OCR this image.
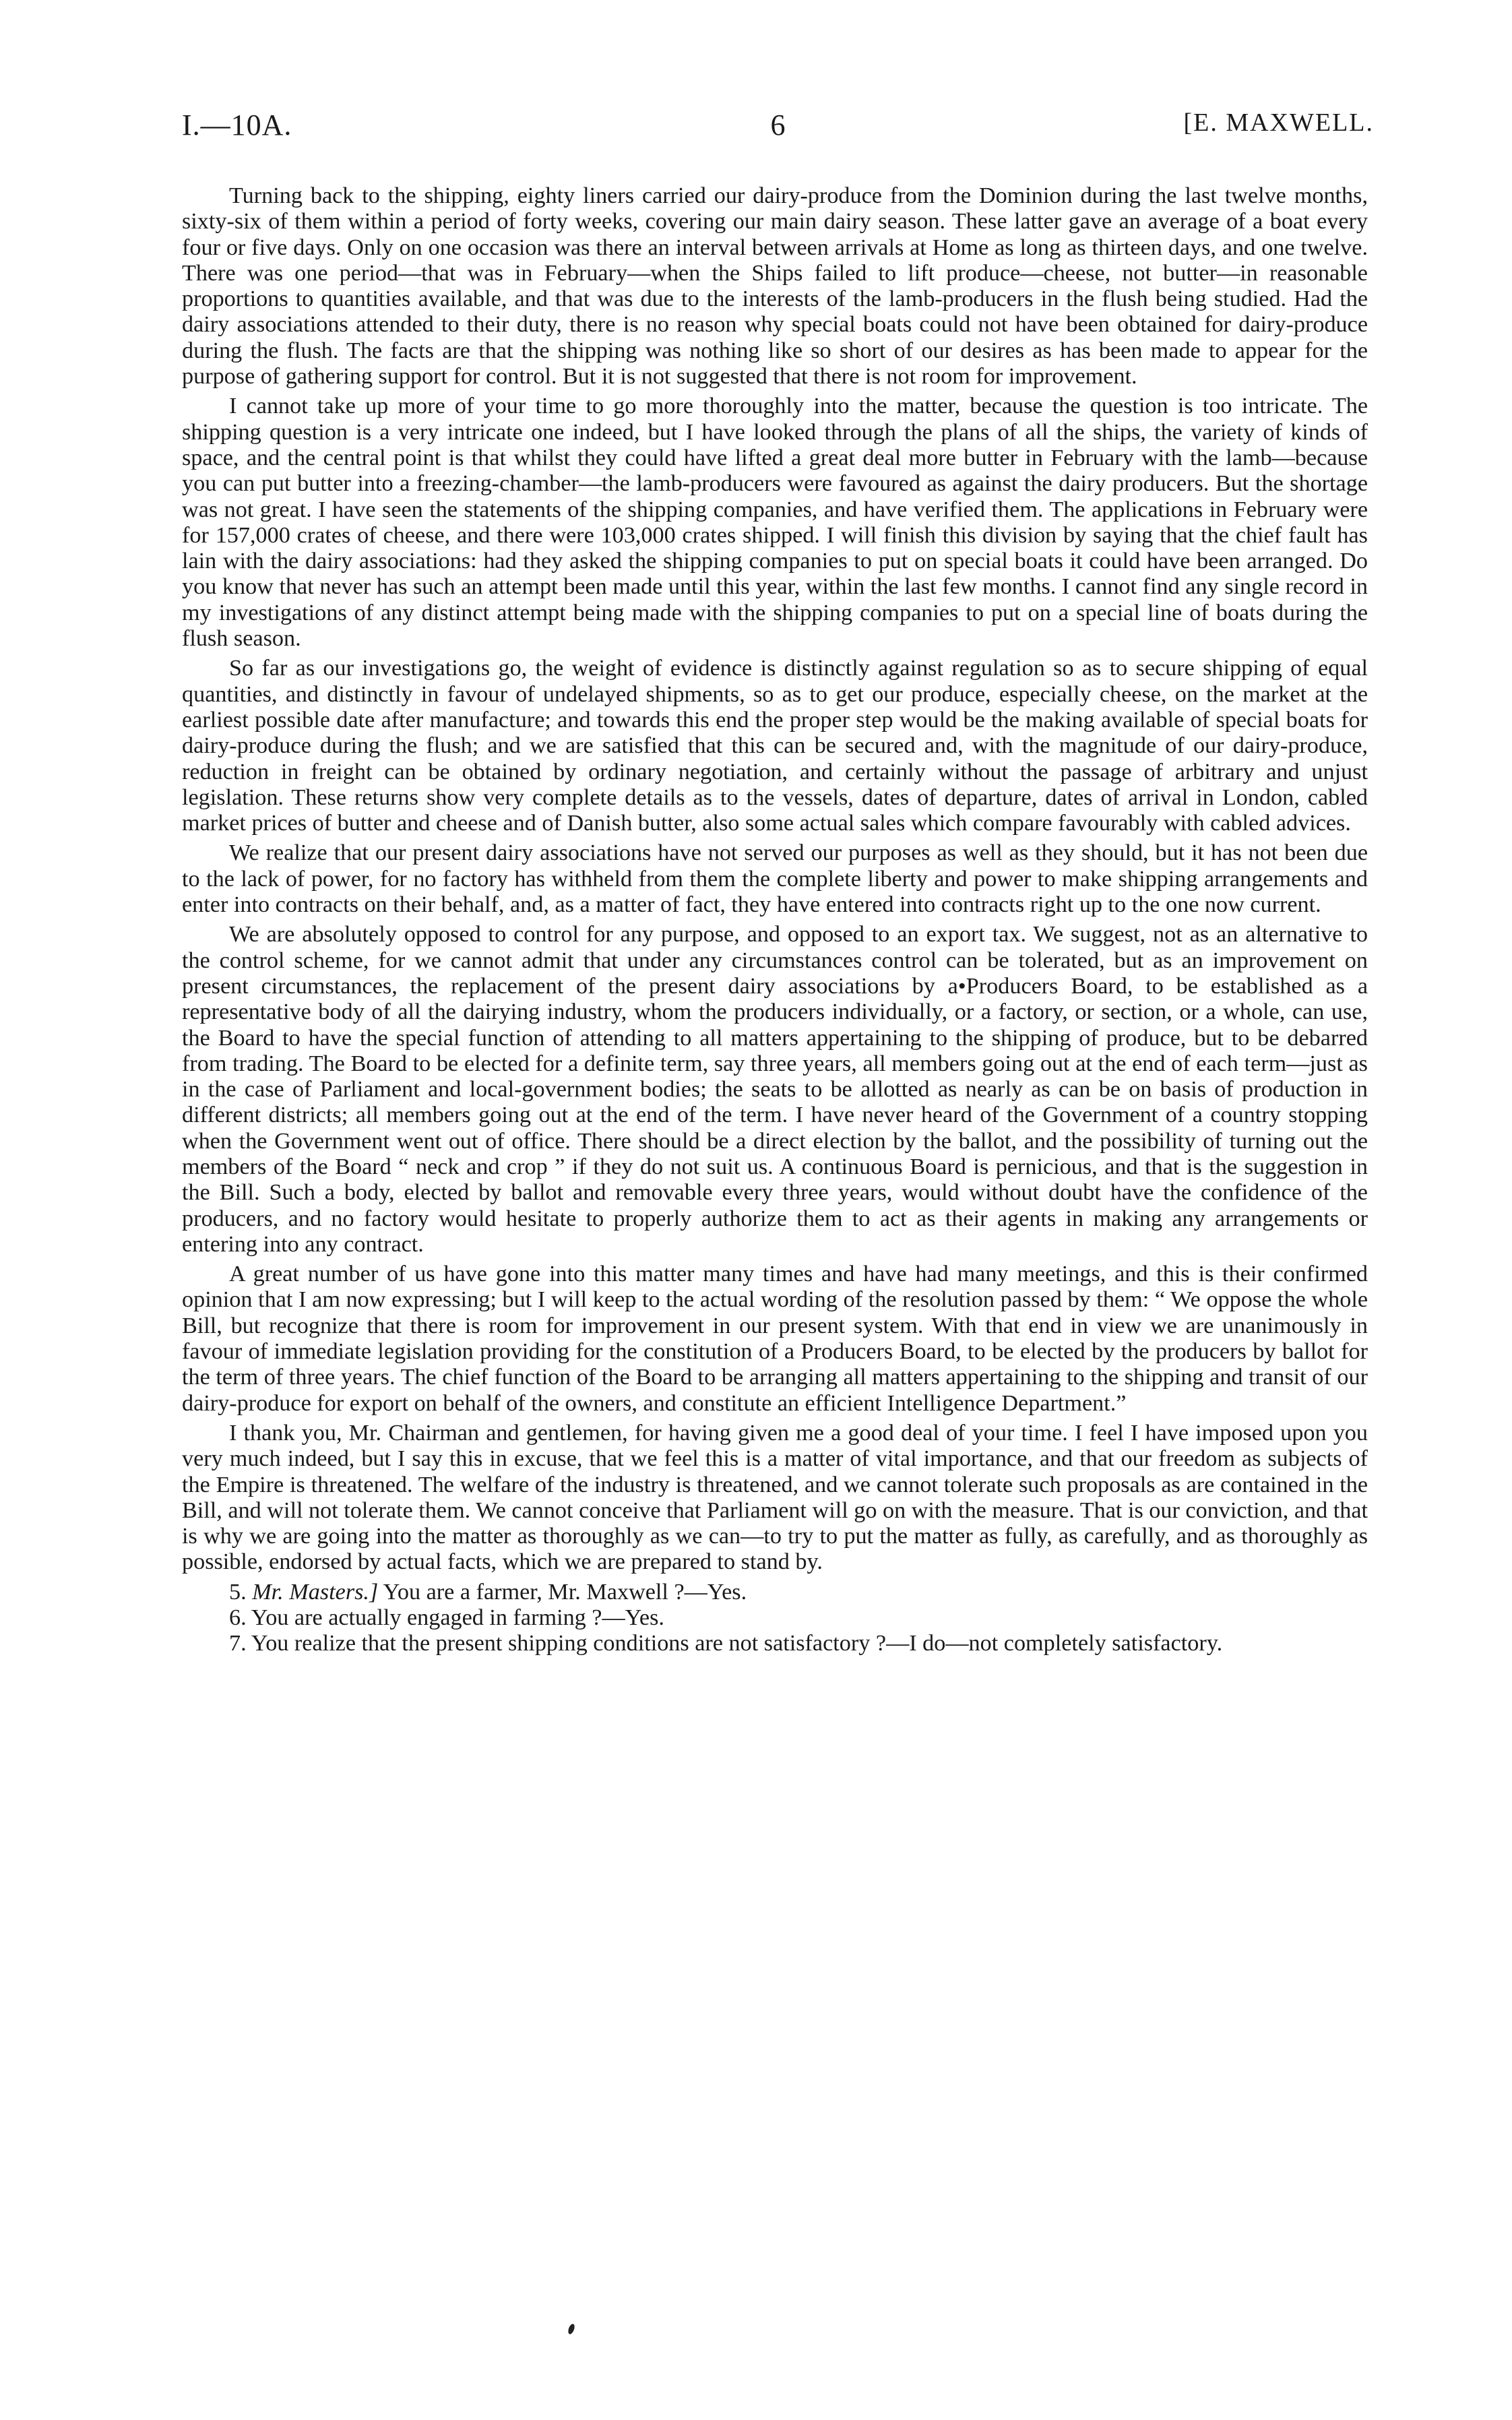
I.—10A.	6	[E. MAXWELL.

Turning back to the shipping, eighty liners carried our dairy-produce from the Dominion during the last twelve months, sixty-six of them within a period of forty weeks, covering our main dairy season. These latter gave an average of a boat every four or five days. Only on one occasion was there an interval between arrivals at Home as long as thirteen days, and one twelve. There was one period—that was in February—when the Ships failed to lift produce—cheese, not butter—in reasonable proportions to quantities available, and that was due to the interests of the lamb-producers in the flush being studied. Had the dairy associations attended to their duty, there is no reason why special boats could not have been obtained for dairy-produce during the flush. The facts are that the shipping was nothing like so short of our desires as has been made to appear for the purpose of gathering support for control. But it is not suggested that there is not room for improvement.

I cannot take up more of your time to go more thoroughly into the matter, because the question is too intricate. The shipping question is a very intricate one indeed, but I have looked through the plans of all the ships, the variety of kinds of space, and the central point is that whilst they could have lifted a great deal more butter in February with the lamb—because you can put butter into a freezing-chamber—the lamb-producers were favoured as against the dairy producers. But the shortage was not great. I have seen the statements of the shipping companies, and have verified them. The applications in February were for 157,000 crates of cheese, and there were 103,000 crates shipped. I will finish this division by saying that the chief fault has lain with the dairy associations: had they asked the shipping companies to put on special boats it could have been arranged. Do you know that never has such an attempt been made until this year, within the last few months. I cannot find any single record in my investigations of any distinct attempt being made with the shipping companies to put on a special line of boats during the flush season.

So far as our investigations go, the weight of evidence is distinctly against regulation so as to secure shipping of equal quantities, and distinctly in favour of undelayed shipments, so as to get our produce, especially cheese, on the market at the earliest possible date after manufacture; and towards this end the proper step would be the making available of special boats for dairy-produce during the flush; and we are satisfied that this can be secured and, with the magnitude of our dairy-produce, reduction in freight can be obtained by ordinary negotiation, and certainly without the passage of arbitrary and unjust legislation. These returns show very complete details as to the vessels, dates of departure, dates of arrival in London, cabled market prices of butter and cheese and of Danish butter, also some actual sales which compare favourably with cabled advices.

We realize that our present dairy associations have not served our purposes as well as they should, but it has not been due to the lack of power, for no factory has withheld from them the complete liberty and power to make shipping arrangements and enter into contracts on their behalf, and, as a matter of fact, they have entered into contracts right up to the one now current.

We are absolutely opposed to control for any purpose, and opposed to an export tax. We suggest, not as an alternative to the control scheme, for we cannot admit that under any circumstances control can be tolerated, but as an improvement on present circumstances, the replacement of the present dairy associations by a•Producers Board, to be established as a representative body of all the dairying industry, whom the producers individually, or a factory, or section, or a whole, can use, the Board to have the special function of attending to all matters appertaining to the shipping of produce, but to be debarred from trading. The Board to be elected for a definite term, say three years, all members going out at the end of each term—just as in the case of Parliament and local-government bodies; the seats to be allotted as nearly as can be on basis of production in different districts; all members going out at the end of the term. I have never heard of the Government of a country stopping when the Government went out of office. There should be a direct election by the ballot, and the possibility of turning out the members of the Board “ neck and crop ” if they do not suit us. A continuous Board is pernicious, and that is the suggestion in the Bill. Such a body, elected by ballot and removable every three years, would without doubt have the confidence of the producers, and no factory would hesitate to properly authorize them to act as their agents in making any arrangements or entering into any contract.

A great number of us have gone into this matter many times and have had many meetings, and this is their confirmed opinion that I am now expressing; but I will keep to the actual wording of the resolution passed by them: “ We oppose the whole Bill, but recognize that there is room for improvement in our present system. With that end in view we are unanimously in favour of immediate legislation providing for the constitution of a Producers Board, to be elected by the producers by ballot for the term of three years. The chief function of the Board to be arranging all matters appertaining to the shipping and transit of our dairy-produce for export on behalf of the owners, and constitute an efficient Intelligence Department.”

I thank you, Mr. Chairman and gentlemen, for having given me a good deal of your time. I feel I have imposed upon you very much indeed, but I say this in excuse, that we feel this is a matter of vital importance, and that our freedom as subjects of the Empire is threatened. The welfare of the industry is threatened, and we cannot tolerate such proposals as are contained in the Bill, and will not tolerate them. We cannot conceive that Parliament will go on with the measure. That is our conviction, and that is why we are going into the matter as thoroughly as we can—to try to put the matter as fully, as carefully, and as thoroughly as possible, endorsed by actual facts, which we are prepared to stand by.

5. Mr. Masters.] You are a farmer, Mr. Maxwell ?—Yes.

6. You are actually engaged in farming ?—Yes.

7. You realize that the present shipping conditions are not satisfactory ?—I do—not completely satisfactory.
